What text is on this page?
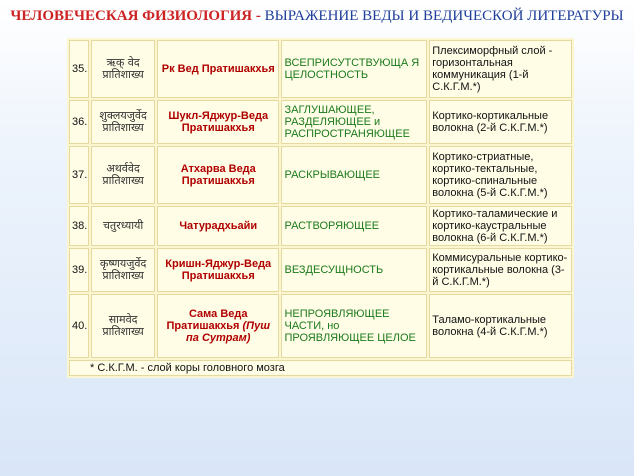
ЧЕЛОВЕЧЕСКАЯ ФИЗИОЛОГИЯ - ВЫРАЖЕНИЕ ВЕДЫ И ВЕДИЧЕСКОЙ ЛИТЕРАТУРЫ
35.	ऋक् वेद प्रातिशाख्य	Рк Вед Пратишакхья	ВСЕПРИСУТСТВУЮЩА Я ЦЕЛОСТНОСТЬ	Плексиморфный слой - горизонтальная коммуникация (1-й С.К.Г.М.*)
36.	शुक्लयजुर्वेद प्रातिशाख्य	Шукл-Яджур-Веда Пратишакхья	ЗАГЛУШАЮЩЕЕ, РАЗДЕЛЯЮЩЕЕ и РАСПРОСТРАНЯЮЩЕЕ	Кортико-кортикальные волокна (2-й С.К.Г.М.*)
37.	अथर्ववेद प्रातिशाख्य	Атхарва Веда Пратишакхья	РАСКРЫВАЮЩЕЕ	Кортико-стриатные, кортико-тектальные, кортико-спинальные волокна (5-й С.К.Г.М.*)
38.	चतुरध्यायी	Чатурадхьайи	РАСТВОРЯЮЩЕЕ	Кортико-таламические и кортико-каустральные волокна (6-й С.К.Г.М.*)
39.	कृष्णयजुर्वेद प्रातिशाख्य	Кришн-Яджур-Веда Пратишакхья	ВЕЗДЕСУЩНОСТЬ	Коммисуральные кортико-кортикальные волокна (3-й С.К.Г.М.*)
40.	सामवेद प्रातिशाख्य	Сама Веда Пратишакхья (Пуш па Сутрам)	НЕПРОЯВЛЯЮЩЕЕ ЧАСТИ, но ПРОЯВЛЯЮЩЕЕ ЦЕЛОЕ	Таламо-кортикальные волокна (4-й С.К.Г.М.*)
* С.К.Г.М. - слой коры головного мозга				
